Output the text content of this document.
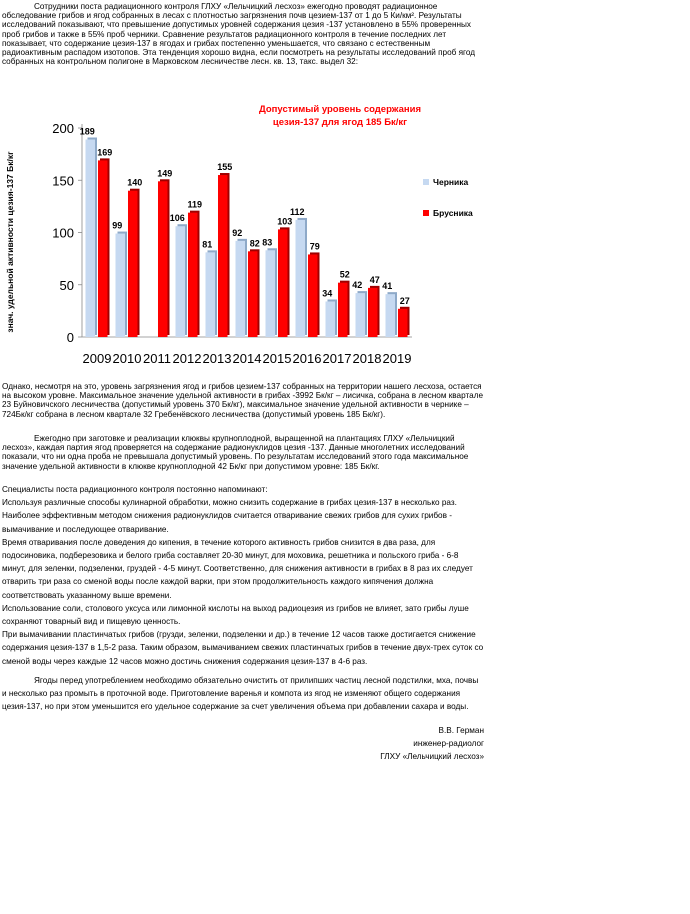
Сотрудники поста радиационного контроля ГЛХУ «Лельчицкий лесхоз» ежегодно проводят радиационное обследование грибов и ягод собранных в лесах с плотностью загрязнения почв цезием-137 от 1 до 5 Ки/км². Результаты исследований показывают, что превышение допустимых уровней содержания цезия -137 установлено в 55% проверенных проб грибов и также в 55% проб черники. Сравнение результатов радиационного контроля в течение последних лет показывает, что содержание цезия-137 в ягодах и грибах постепенно уменьшается, что связано с естественным радиоактивным распадом изотопов. Эта тенденция хорошо видна, если посмотреть на результаты исследований проб ягод собранных на контрольном полигоне в Марковском лесничестве лесн. кв. 13, такс. выдел 32:

0
50
100
150
200
2009
189
169
2010
99
140
2011
149
2012
106
119
2013
81
155
2014
92
82
2015
83
103
2016
112
79
2017
34
52
2018
42
47
2019
41
27
Допустимый уровень содержания
цезия-137 для ягод 185 Бк/кг
знач. удельной активности цезия-137 Бк/кг	Черника
Брусника

Однако, несмотря на это, уровень загрязнения ягод и грибов цезием-137 собранных на территории нашего лесхоза, остается на высоком уровне. Максимальное значение удельной активности в грибах -3992 Бк/кг – лисичка, собрана в лесном квартале 23 Буйновичского лесничества (допустимый уровень 370 Бк/кг), максимальное значение удельной активности в чернике – 724Бк/кг собрана в лесном квартале 32 Гребенёвского лесничества (допустимый уровень 185 Бк/кг).

Ежегодно при заготовке и реализации клюквы крупноплодной, выращенной на плантациях ГЛХУ «Лельчицкий лесхоз», каждая партия ягод проверяется на содержание радионуклидов цезия -137. Данные многолетних исследований показали, что ни одна проба не превышала допустимый уровень. По результатам исследований этого года максимальное значение удельной активности в клюкве крупноплодной 42 Бк/кг при допустимом уровне: 185 Бк/кг.

Специалисты поста радиационного контроля постоянно напоминают:
Используя различные способы кулинарной обработки, можно снизить содержание в грибах цезия-137 в несколько раз. Наиболее эффективным методом снижения радионуклидов считается отваривание свежих грибов для сухих грибов - вымачивание и последующее отваривание.
Время отваривания после доведения до кипения, в течение которого активность грибов снизится в два раза, для подосиновика, подберезовика и белого гриба составляет 20-30 минут, для моховика, решетника и польского гриба - 6-8 минут, для зеленки, подзеленки, груздей - 4-5 минут. Соответственно, для снижения активности в грибах в 8 раз их следует отварить три раза со сменой воды после каждой варки, при этом продолжительность каждого кипячения должна соответствовать указанному выше времени.
Использование соли, столового уксуса или лимонной кислоты на выход радиоцезия из грибов не влияет, зато грибы луше сохраняют товарный вид и пищевую ценность.
При вымачивании пластинчатых грибов (грузди, зеленки, подзеленки и др.) в течение 12 часов также достигается снижение содержания цезия-137 в 1,5-2 раза. Таким образом, вымачиванием свежих пластинчатых грибов в течение двух-трех суток со сменой воды через каждые 12 часов можно достичь снижения содержания цезия-137 в 4-6 раз.

Ягоды перед употреблением необходимо обязательно очистить от прилипших частиц лесной подстилки, мха, почвы и несколько раз промыть в проточной воде. Приготовление варенья и компота из ягод не изменяют общего содержания цезия-137, но при этом уменьшится его удельное содержание за счет увеличения объема при добавлении сахара и воды.

В.В. Герман
инженер-радиолог
ГЛХУ «Лельчицкий лесхоз»
